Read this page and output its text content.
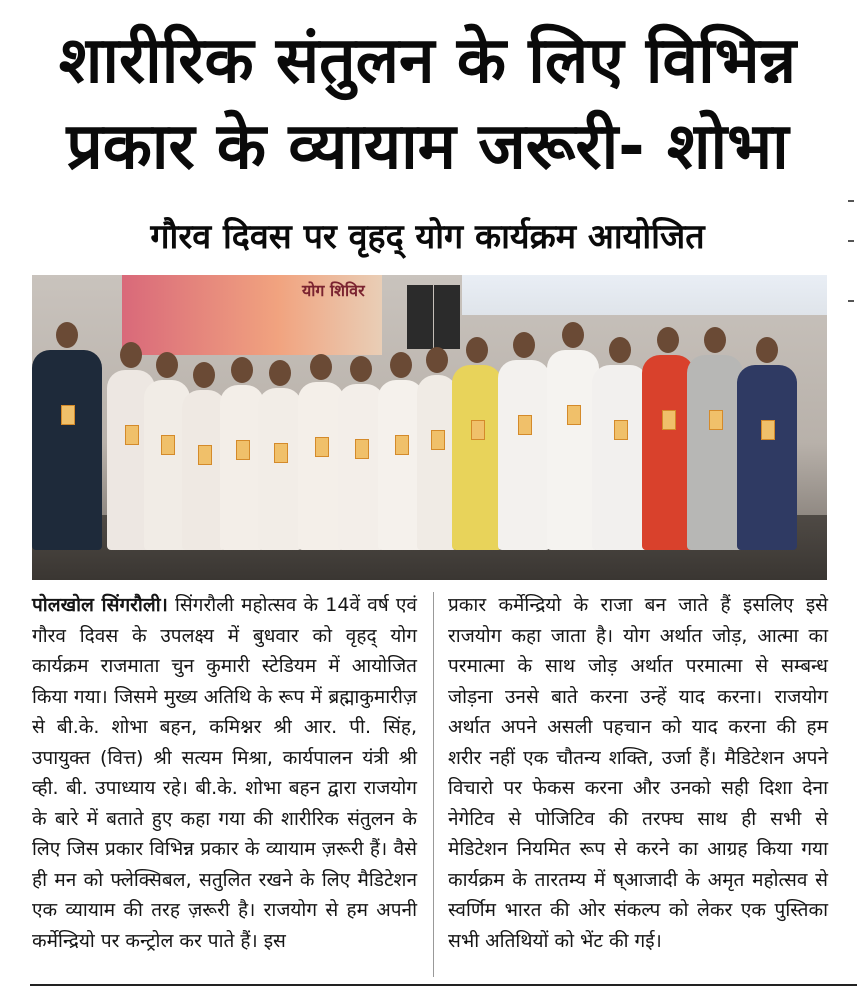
शारीरिक संतुलन के लिए विभिन्न प्रकार के व्यायाम जरूरी- शोभा
गौरव दिवस पर वृहद् योग कार्यक्रम आयोजित
योग शिविर
पोलखोल सिंगरौली। सिंगरौली महोत्सव के 14वें वर्ष एवं गौरव दिवस के उपलक्ष्य में बुधवार को वृहद् योग कार्यक्रम राजमाता चुन कुमारी स्टेडियम में आयोजित किया गया। जिसमे मुख्य अतिथि के रूप में ब्रह्माकुमारीज़ से बी.के. शोभा बहन, कमिश्नर श्री आर. पी. सिंह, उपायुक्त (वित्त) श्री सत्यम मिश्रा, कार्यपालन यंत्री श्री व्ही. बी. उपाध्याय रहे। बी.के. शोभा बहन द्वारा राजयोग के बारे में बताते हुए कहा गया की शारीरिक संतुलन के लिए जिस प्रकार विभिन्न प्रकार के व्यायाम ज़रूरी हैं। वैसे ही मन को फ्लेक्सिबल, सतुलित रखने के लिए मैडिटेशन एक व्यायाम की तरह ज़रूरी है। राजयोग से हम अपनी कर्मेन्द्रियो पर कन्ट्रोल कर पाते हैं। इस
प्रकार कर्मेन्द्रियो के राजा बन जाते हैं इसलिए इसे राजयोग कहा जाता है। योग अर्थात जोड़, आत्मा का परमात्मा के साथ जोड़ अर्थात परमात्मा से सम्बन्ध जोड़ना उनसे बाते करना उन्हें याद करना। राजयोग अर्थात अपने असली पहचान को याद करना की हम शरीर नहीं एक चौतन्य शक्ति, उर्जा हैं। मैडिटेशन अपने विचारो पर फेकस करना और उनको सही दिशा देना नेगेटिव से पोजिटिव की तरफ्घ साथ ही सभी से मेडिटेशन नियमित रूप से करने का आग्रह किया गया कार्यक्रम के तारतम्य में ष्आजादी के अमृत महोत्सव से स्वर्णिम भारत की ओर संकल्प को लेकर एक पुस्तिका सभी अतिथियों को भेंट की गई।
